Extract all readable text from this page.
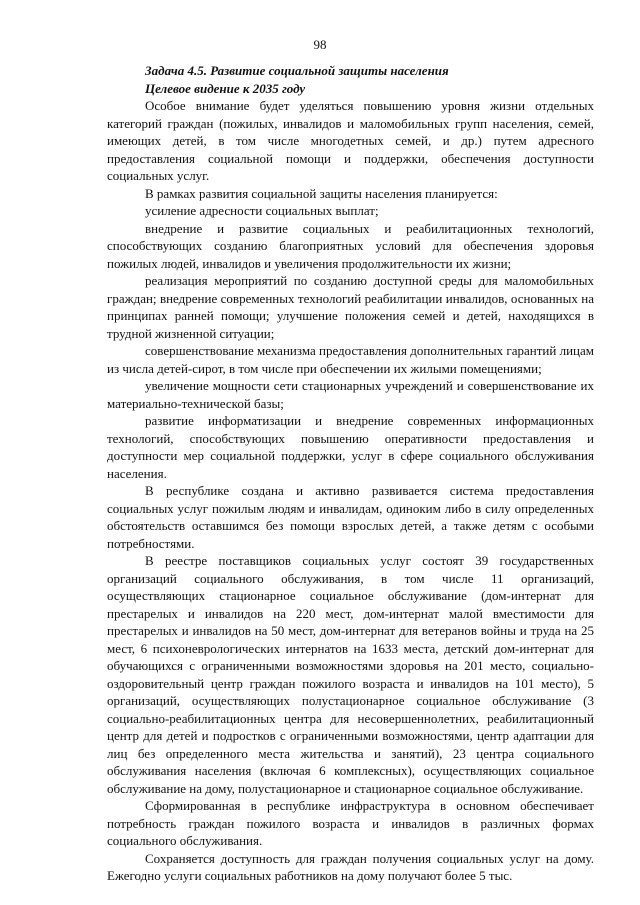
98

Задача 4.5. Развитие социальной защиты населения

Целевое видение к 2035 году

Особое внимание будет уделяться повышению уровня жизни отдельных категорий граждан (пожилых, инвалидов и маломобильных групп населения, семей, имеющих детей, в том числе многодетных семей, и др.) путем адресного предоставления социальной помощи и поддержки, обеспечения доступности социальных услуг.

В рамках развития социальной защиты населения планируется:

усиление адресности социальных выплат;

внедрение и развитие социальных и реабилитационных технологий, способствующих созданию благоприятных условий для обеспечения здоровья пожилых людей, инвалидов и увеличения продолжительности их жизни;

реализация мероприятий по созданию доступной среды для маломобильных граждан; внедрение современных технологий реабилитации инвалидов, основанных на принципах ранней помощи; улучшение положения семей и детей, находящихся в трудной жизненной ситуации;

совершенствование механизма предоставления дополнительных гарантий лицам из числа детей-сирот, в том числе при обеспечении их жилыми помещениями;

увеличение мощности сети стационарных учреждений и совершенствование их материально-технической базы;

развитие информатизации и внедрение современных информационных технологий, способствующих повышению оперативности предоставления и доступности мер социальной поддержки, услуг в сфере социального обслуживания населения.

В республике создана и активно развивается система предоставления социальных услуг пожилым людям и инвалидам, одиноким либо в силу определенных обстоятельств оставшимся без помощи взрослых детей, а также детям с особыми потребностями.

В реестре поставщиков социальных услуг состоят 39 государственных организаций социального обслуживания, в том числе 11 организаций, осуществляющих стационарное социальное обслуживание (дом-интернат для престарелых и инвалидов на 220 мест, дом-интернат малой вместимости для престарелых и инвалидов на 50 мест, дом-интернат для ветеранов войны и труда на 25 мест, 6 психоневрологических интернатов на 1633 места, детский дом-интернат для обучающихся с ограниченными возможностями здоровья на 201 место, социально-оздоровительный центр граждан пожилого возраста и инвалидов на 101 место), 5 организаций, осуществляющих полустационарное социальное обслуживание (3 социально-реабилитационных центра для несовершеннолетних, реабилитационный центр для детей и подростков с ограниченными возможностями, центр адаптации для лиц без определенного места жительства и занятий), 23 центра социального обслуживания населения (включая 6 комплексных), осуществляющих социальное обслуживание на дому, полустационарное и стационарное социальное обслуживание.

Сформированная в республике инфраструктура в основном обеспечивает потребность граждан пожилого возраста и инвалидов в различных формах социального обслуживания.

Сохраняется доступность для граждан получения социальных услуг на дому. Ежегодно услуги социальных работников на дому получают более 5 тыс.
